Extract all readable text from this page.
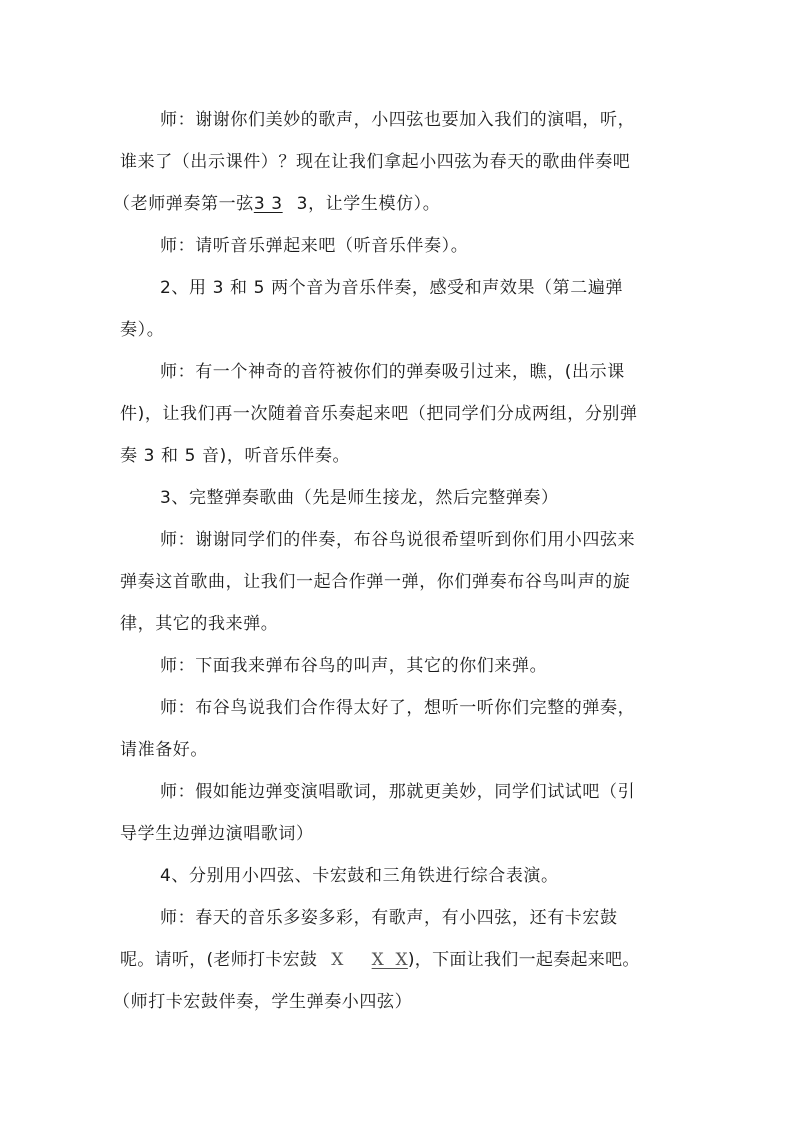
师：谢谢你们美妙的歌声，小四弦也要加入我们的演唱，听，
谁来了（出示课件）？现在让我们拿起小四弦为春天的歌曲伴奏吧
（老师弹奏第一弦3 3 3，让学生模仿）。
师：请听音乐弹起来吧（听音乐伴奏）。
2、用 3 和 5 两个音为音乐伴奏，感受和声效果（第二遍弹
奏）。
师：有一个神奇的音符被你们的弹奏吸引过来，瞧，(出示课
件)，让我们再一次随着音乐奏起来吧（把同学们分成两组，分别弹
奏 3 和 5 音)，听音乐伴奏。
3、完整弹奏歌曲（先是师生接龙，然后完整弹奏）
师：谢谢同学们的伴奏，布谷鸟说很希望听到你们用小四弦来
弹奏这首歌曲，让我们一起合作弹一弹，你们弹奏布谷鸟叫声的旋
律，其它的我来弹。
师：下面我来弹布谷鸟的叫声，其它的你们来弹。
师：布谷鸟说我们合作得太好了，想听一听你们完整的弹奏，
请准备好。
师：假如能边弹变演唱歌词，那就更美妙，同学们试试吧（引
导学生边弹边演唱歌词）
4、分别用小四弦、卡宏鼓和三角铁进行综合表演。
师：春天的音乐多姿多彩，有歌声，有小四弦，还有卡宏鼓
呢。请听，(老师打卡宏鼓 X X  X)，下面让我们一起奏起来吧。
（师打卡宏鼓伴奏，学生弹奏小四弦）
